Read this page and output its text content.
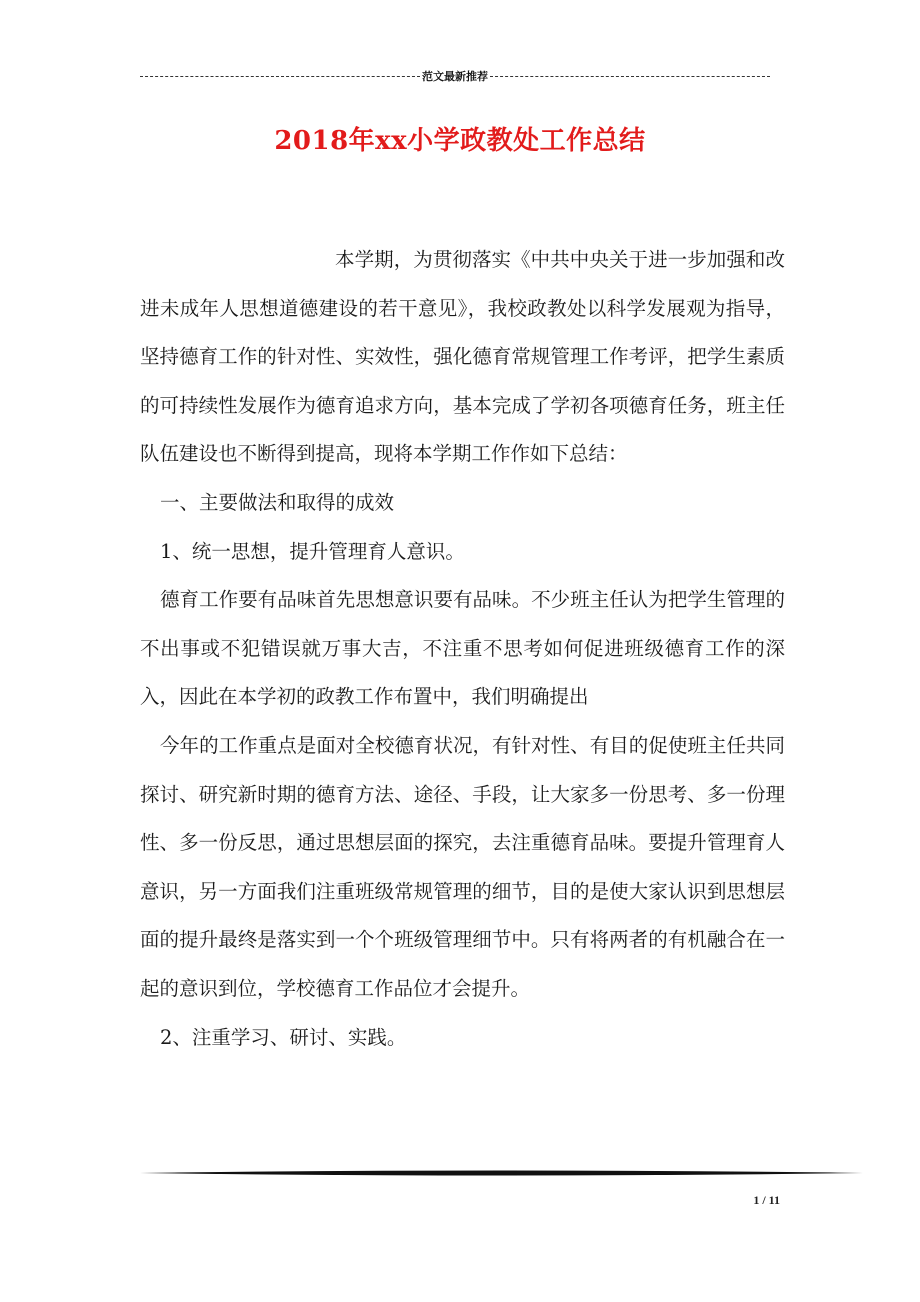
范文最新推荐
2018年xx小学政教处工作总结

本学期，为贯彻落实《中共中央关于进一步加强和改进未成年人思想道德建设的若干意见》，我校政教处以科学发展观为指导，坚持德育工作的针对性、实效性，强化德育常规管理工作考评，把学生素质的可持续性发展作为德育追求方向，基本完成了学初各项德育任务，班主任队伍建设也不断得到提高，现将本学期工作作如下总结：

一、主要做法和取得的成效

1、统一思想，提升管理育人意识。

德育工作要有品味首先思想意识要有品味。不少班主任认为把学生管理的不出事或不犯错误就万事大吉，不注重不思考如何促进班级德育工作的深入，因此在本学初的政教工作布置中，我们明确提出

今年的工作重点是面对全校德育状况，有针对性、有目的促使班主任共同探讨、研究新时期的德育方法、途径、手段，让大家多一份思考、多一份理性、多一份反思，通过思想层面的探究，去注重德育品味。要提升管理育人意识，另一方面我们注重班级常规管理的细节，目的是使大家认识到思想层面的提升最终是落实到一个个班级管理细节中。只有将两者的有机融合在一起的意识到位，学校德育工作品位才会提升。

2、注重学习、研讨、实践。

1 / 11
